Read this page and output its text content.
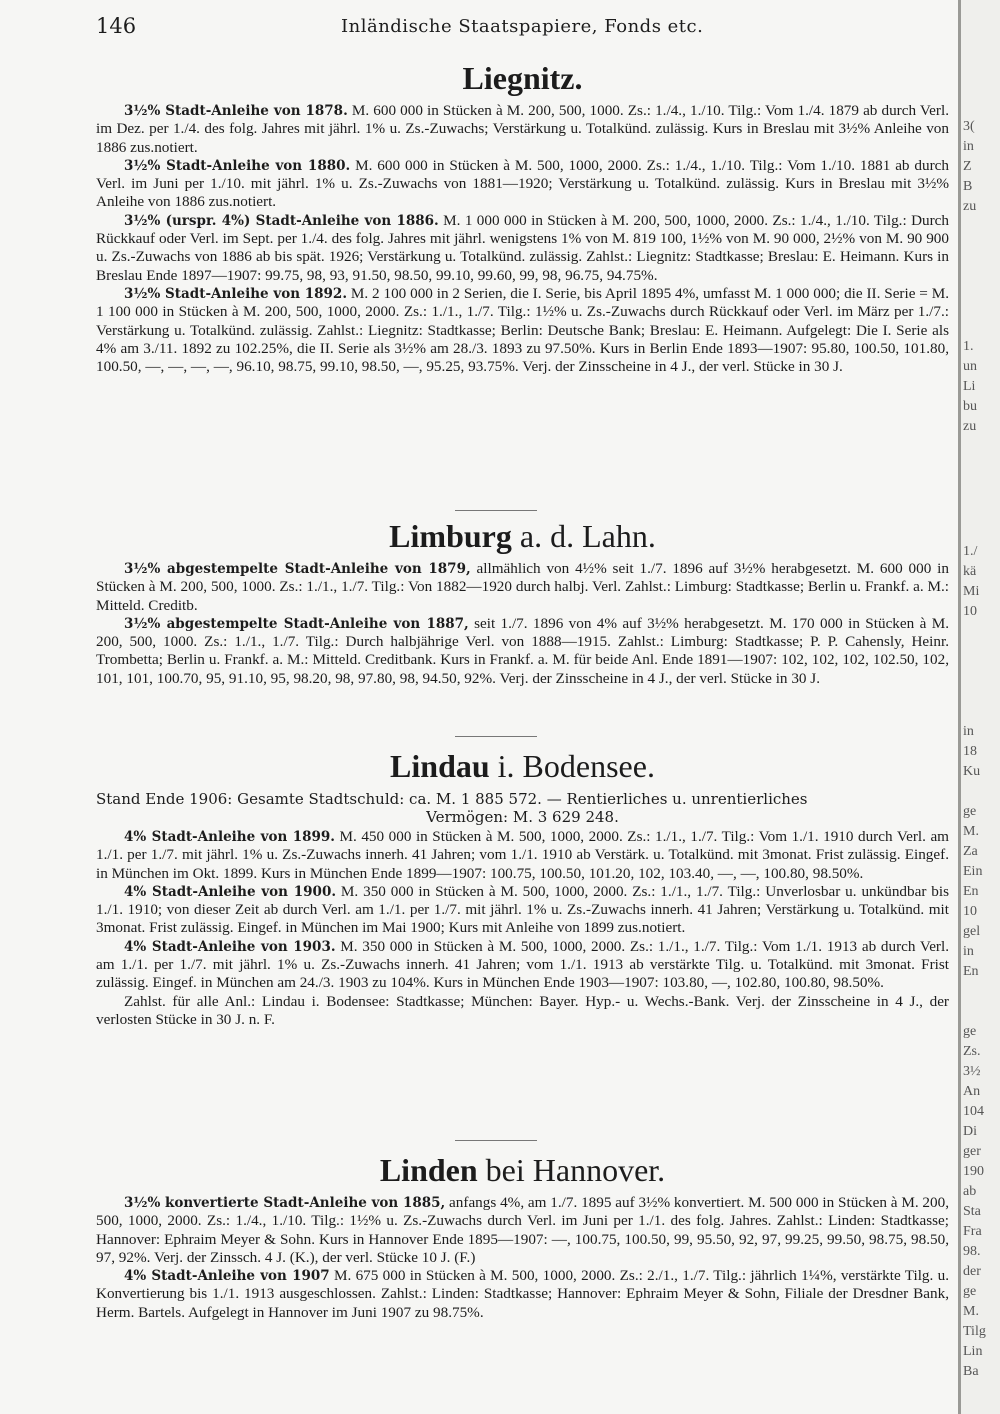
146	Inländische Staatspapiere, Fonds etc.
Liegnitz.

3½% Stadt-Anleihe von 1878. M. 600 000 in Stücken à M. 200, 500, 1000. Zs.: 1./4., 1./10. Tilg.: Vom 1./4. 1879 ab durch Verl. im Dez. per 1./4. des folg. Jahres mit jährl. 1% u. Zs.-Zuwachs; Verstärkung u. Totalkünd. zulässig. Kurs in Breslau mit 3½% Anleihe von 1886 zus.notiert.

3½% Stadt-Anleihe von 1880. M. 600 000 in Stücken à M. 500, 1000, 2000. Zs.: 1./4., 1./10. Tilg.: Vom 1./10. 1881 ab durch Verl. im Juni per 1./10. mit jährl. 1% u. Zs.-Zuwachs von 1881—1920; Verstärkung u. Totalkünd. zulässig. Kurs in Breslau mit 3½% Anleihe von 1886 zus.notiert.

3½% (urspr. 4%) Stadt-Anleihe von 1886. M. 1 000 000 in Stücken à M. 200, 500, 1000, 2000. Zs.: 1./4., 1./10. Tilg.: Durch Rückkauf oder Verl. im Sept. per 1./4. des folg. Jahres mit jährl. wenigstens 1% von M. 819 100, 1½% von M. 90 000, 2½% von M. 90 900 u. Zs.-Zuwachs von 1886 ab bis spät. 1926; Verstärkung u. Totalkünd. zulässig. Zahlst.: Liegnitz: Stadtkasse; Breslau: E. Heimann. Kurs in Breslau Ende 1897—1907: 99.75, 98, 93, 91.50, 98.50, 99.10, 99.60, 99, 98, 96.75, 94.75%.

3½% Stadt-Anleihe von 1892. M. 2 100 000 in 2 Serien, die I. Serie, bis April 1895 4%, umfasst M. 1 000 000; die II. Serie = M. 1 100 000 in Stücken à M. 200, 500, 1000, 2000. Zs.: 1./1., 1./7. Tilg.: 1½% u. Zs.-Zuwachs durch Rückkauf oder Verl. im März per 1./7.: Verstärkung u. Totalkünd. zulässig. Zahlst.: Liegnitz: Stadtkasse; Berlin: Deutsche Bank; Breslau: E. Heimann. Aufgelegt: Die I. Serie als 4% am 3./11. 1892 zu 102.25%, die II. Serie als 3½% am 28./3. 1893 zu 97.50%. Kurs in Berlin Ende 1893—1907: 95.80, 100.50, 101.80, 100.50, —, —, —, —, 96.10, 98.75, 99.10, 98.50, —, 95.25, 93.75%. Verj. der Zinsscheine in 4 J., der verl. Stücke in 30 J.

Limburg a. d. Lahn.

3½% abgestempelte Stadt-Anleihe von 1879, allmählich von 4½% seit 1./7. 1896 auf 3½% herabgesetzt. M. 600 000 in Stücken à M. 200, 500, 1000. Zs.: 1./1., 1./7. Tilg.: Von 1882—1920 durch halbj. Verl. Zahlst.: Limburg: Stadtkasse; Berlin u. Frankf. a. M.: Mitteld. Creditb.

3½% abgestempelte Stadt-Anleihe von 1887, seit 1./7. 1896 von 4% auf 3½% herabgesetzt. M. 170 000 in Stücken à M. 200, 500, 1000. Zs.: 1./1., 1./7. Tilg.: Durch halbjährige Verl. von 1888—1915. Zahlst.: Limburg: Stadtkasse; P. P. Cahensly, Heinr. Trombetta; Berlin u. Frankf. a. M.: Mitteld. Creditbank. Kurs in Frankf. a. M. für beide Anl. Ende 1891—1907: 102, 102, 102, 102.50, 102, 101, 101, 100.70, 95, 91.10, 95, 98.20, 98, 97.80, 98, 94.50, 92%. Verj. der Zinsscheine in 4 J., der verl. Stücke in 30 J.

Lindau i. Bodensee.

Stand Ende 1906: Gesamte Stadtschuld: ca. M. 1 885 572. — Rentierliches u. unrentierliches

Vermögen: M. 3 629 248.

4% Stadt-Anleihe von 1899. M. 450 000 in Stücken à M. 500, 1000, 2000. Zs.: 1./1., 1./7. Tilg.: Vom 1./1. 1910 durch Verl. am 1./1. per 1./7. mit jährl. 1% u. Zs.-Zuwachs innerh. 41 Jahren; vom 1./1. 1910 ab Verstärk. u. Totalkünd. mit 3monat. Frist zulässig. Eingef. in München im Okt. 1899. Kurs in München Ende 1899—1907: 100.75, 100.50, 101.20, 102, 103.40, —, —, 100.80, 98.50%.

4% Stadt-Anleihe von 1900. M. 350 000 in Stücken à M. 500, 1000, 2000. Zs.: 1./1., 1./7. Tilg.: Unverlosbar u. unkündbar bis 1./1. 1910; von dieser Zeit ab durch Verl. am 1./1. per 1./7. mit jährl. 1% u. Zs.-Zuwachs innerh. 41 Jahren; Verstärkung u. Totalkünd. mit 3monat. Frist zulässig. Eingef. in München im Mai 1900; Kurs mit Anleihe von 1899 zus.notiert.

4% Stadt-Anleihe von 1903. M. 350 000 in Stücken à M. 500, 1000, 2000. Zs.: 1./1., 1./7. Tilg.: Vom 1./1. 1913 ab durch Verl. am 1./1. per 1./7. mit jährl. 1% u. Zs.-Zuwachs innerh. 41 Jahren; vom 1./1. 1913 ab verstärkte Tilg. u. Totalkünd. mit 3monat. Frist zulässig. Eingef. in München am 24./3. 1903 zu 104%. Kurs in München Ende 1903—1907: 103.80, —, 102.80, 100.80, 98.50%.

Zahlst. für alle Anl.: Lindau i. Bodensee: Stadtkasse; München: Bayer. Hyp.- u. Wechs.-Bank. Verj. der Zinsscheine in 4 J., der verlosten Stücke in 30 J. n. F.

Linden bei Hannover.

3½% konvertierte Stadt-Anleihe von 1885, anfangs 4%, am 1./7. 1895 auf 3½% konvertiert. M. 500 000 in Stücken à M. 200, 500, 1000, 2000. Zs.: 1./4., 1./10. Tilg.: 1½% u. Zs.-Zuwachs durch Verl. im Juni per 1./1. des folg. Jahres. Zahlst.: Linden: Stadtkasse; Hannover: Ephraim Meyer & Sohn. Kurs in Hannover Ende 1895—1907: —, 100.75, 100.50, 99, 95.50, 92, 97, 99.25, 99.50, 98.75, 98.50, 97, 92%. Verj. der Zinssch. 4 J. (K.), der verl. Stücke 10 J. (F.)

4% Stadt-Anleihe von 1907 M. 675 000 in Stücken à M. 500, 1000, 2000. Zs.: 2./1., 1./7. Tilg.: jährlich 1¼%, verstärkte Tilg. u. Konvertierung bis 1./1. 1913 ausgeschlossen. Zahlst.: Linden: Stadtkasse; Hannover: Ephraim Meyer & Sohn, Filiale der Dresdner Bank, Herm. Bartels. Aufgelegt in Hannover im Juni 1907 zu 98.75%.

3(
in
Z
B
zu
1.
un
Li
bu
zu
1./
kä
Mi
10
in
18
Ku
ge
M.
Za
Ein
En
10
gel
in
En
ge
Zs.
3½
An
104
Di
ger
190
ab
Sta
Fra
98.
der
ge
M.
Tilg
Lin
Ba
